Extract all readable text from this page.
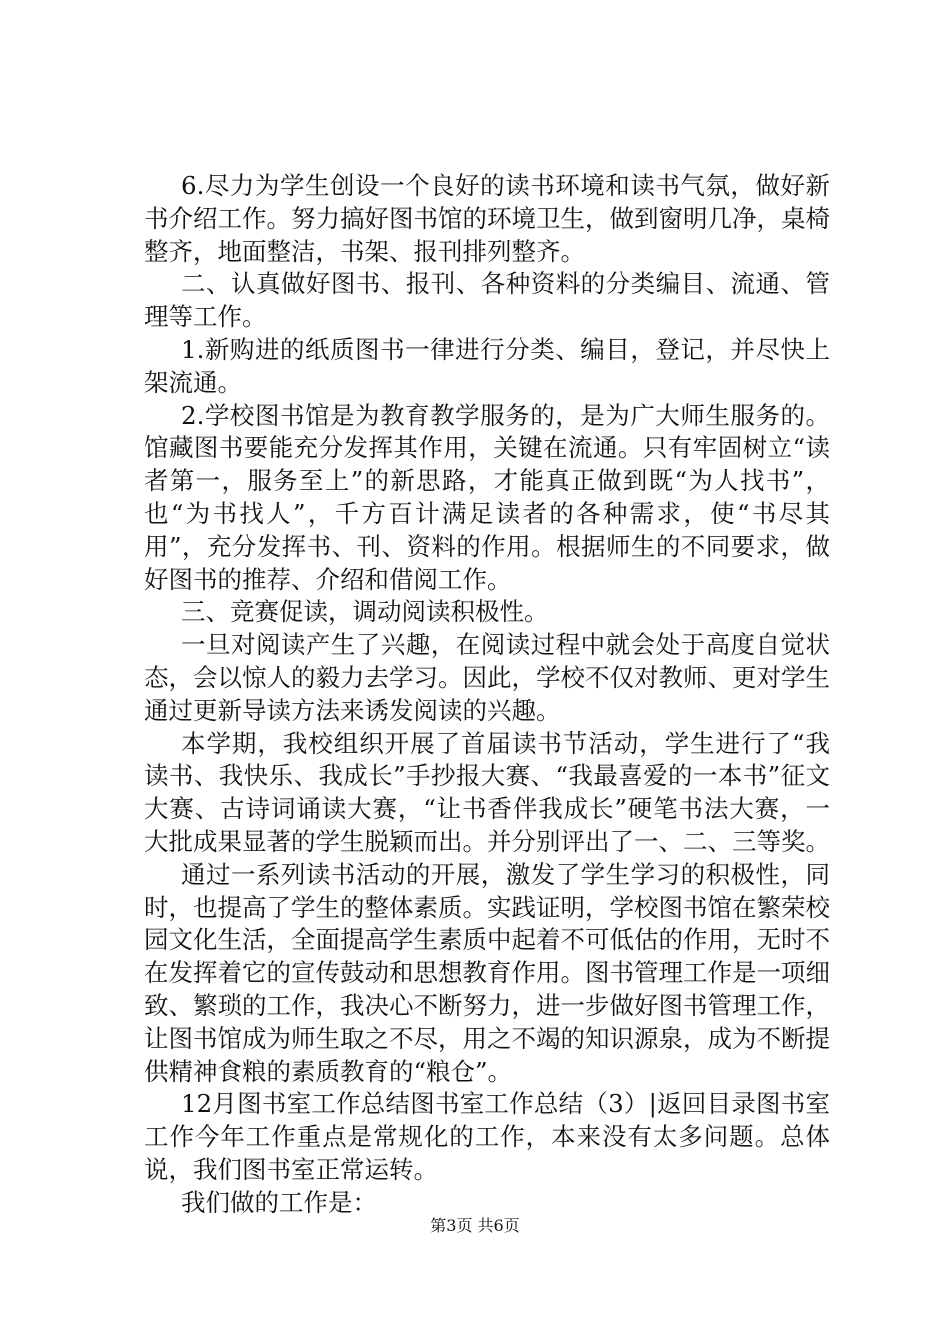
6.尽力为学生创设一个良好的读书环境和读书气氛，做好新书介绍工作。努力搞好图书馆的环境卫生，做到窗明几净，桌椅整齐，地面整洁，书架、报刊排列整齐。

二、认真做好图书、报刊、各种资料的分类编目、流通、管理等工作。

1.新购进的纸质图书一律进行分类、编目，登记，并尽快上架流通。

2.学校图书馆是为教育教学服务的，是为广大师生服务的。馆藏图书要能充分发挥其作用，关键在流通。只有牢固树立“读者第一，服务至上”的新思路，才能真正做到既“为人找书”，也“为书找人”，千方百计满足读者的各种需求，使“书尽其用”，充分发挥书、刊、资料的作用。根据师生的不同要求，做好图书的推荐、介绍和借阅工作。

三、竞赛促读，调动阅读积极性。

一旦对阅读产生了兴趣，在阅读过程中就会处于高度自觉状态，会以惊人的毅力去学习。因此，学校不仅对教师、更对学生通过更新导读方法来诱发阅读的兴趣。

本学期，我校组织开展了首届读书节活动，学生进行了“我读书、我快乐、我成长”手抄报大赛、“我最喜爱的一本书”征文大赛、古诗词诵读大赛，“让书香伴我成长”硬笔书法大赛，一大批成果显著的学生脱颖而出。并分别评出了一、二、三等奖。

通过一系列读书活动的开展，激发了学生学习的积极性，同时，也提高了学生的整体素质。实践证明，学校图书馆在繁荣校园文化生活，全面提高学生素质中起着不可低估的作用，无时不在发挥着它的宣传鼓动和思想教育作用。图书管理工作是一项细致、繁琐的工作，我决心不断努力，进一步做好图书管理工作，让图书馆成为师生取之不尽，用之不竭的知识源泉，成为不断提供精神食粮的素质教育的“粮仓”。

12月图书室工作总结图书室工作总结（3）|返回目录图书室工作今年工作重点是常规化的工作，本来没有太多问题。总体说，我们图书室正常运转。

我们做的工作是：

第3页 共6页
